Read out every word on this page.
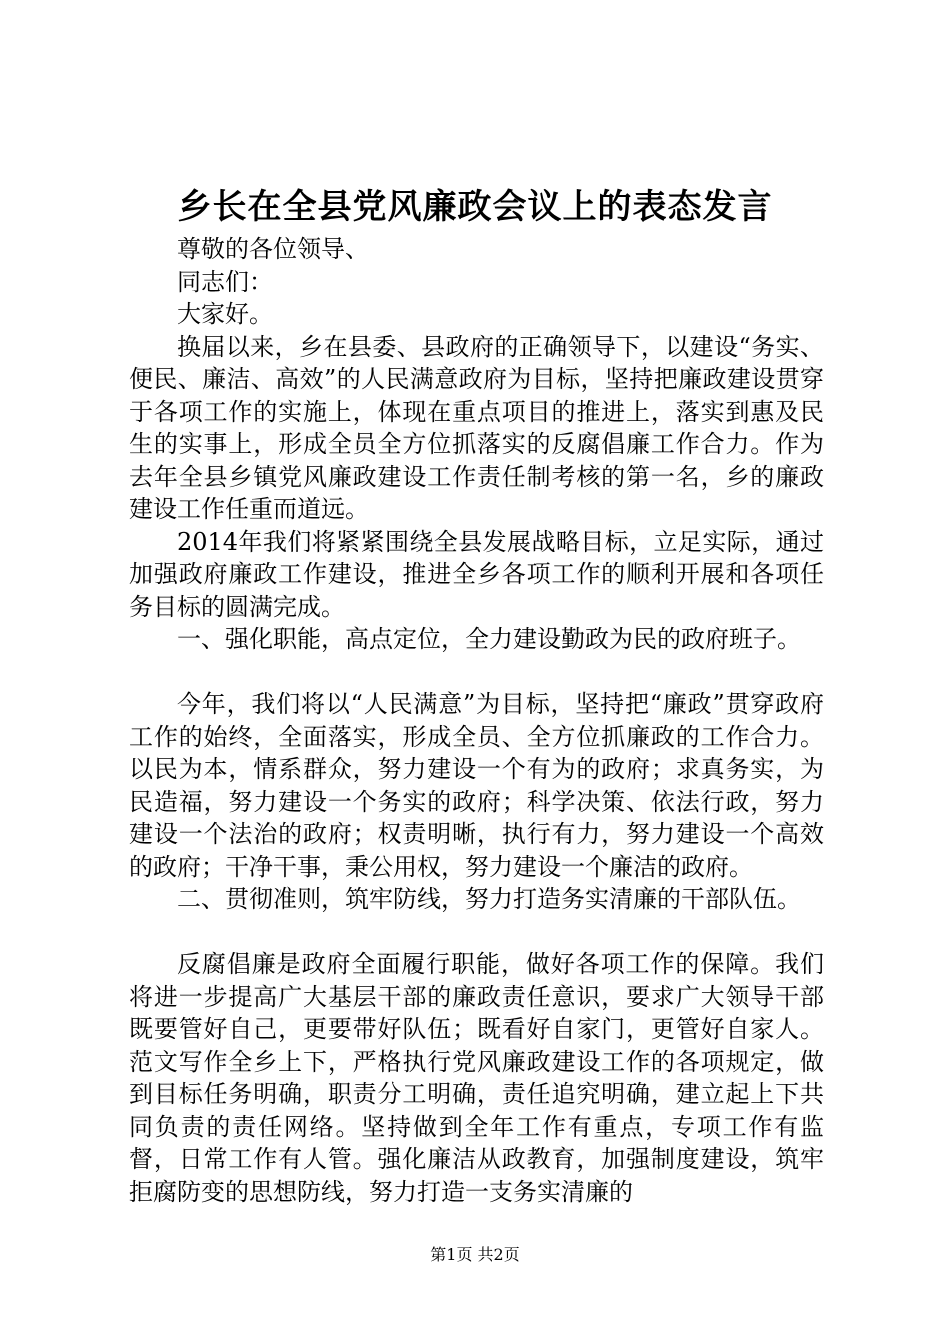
乡长在全县党风廉政会议上的表态发言

尊敬的各位领导、

同志们：

大家好。

换届以来，乡在县委、县政府的正确领导下，以建设“务实、便民、廉洁、高效”的人民满意政府为目标，坚持把廉政建设贯穿于各项工作的实施上，体现在重点项目的推进上，落实到惠及民生的实事上，形成全员全方位抓落实的反腐倡廉工作合力。作为去年全县乡镇党风廉政建设工作责任制考核的第一名，乡的廉政建设工作任重而道远。

2014年我们将紧紧围绕全县发展战略目标，立足实际，通过加强政府廉政工作建设，推进全乡各项工作的顺利开展和各项任务目标的圆满完成。

一、强化职能，高点定位，全力建设勤政为民的政府班子。

今年，我们将以“人民满意”为目标，坚持把“廉政”贯穿政府工作的始终，全面落实，形成全员、全方位抓廉政的工作合力。以民为本，情系群众，努力建设一个有为的政府；求真务实，为民造福，努力建设一个务实的政府；科学决策、依法行政，努力建设一个法治的政府；权责明晰，执行有力，努力建设一个高效的政府；干净干事，秉公用权，努力建设一个廉洁的政府。

二、贯彻准则，筑牢防线，努力打造务实清廉的干部队伍。

反腐倡廉是政府全面履行职能，做好各项工作的保障。我们将进一步提高广大基层干部的廉政责任意识，要求广大领导干部既要管好自己，更要带好队伍；既看好自家门，更管好自家人。范文写作全乡上下，严格执行党风廉政建设工作的各项规定，做到目标任务明确，职责分工明确，责任追究明确，建立起上下共同负责的责任网络。坚持做到全年工作有重点，专项工作有监督，日常工作有人管。强化廉洁从政教育，加强制度建设，筑牢拒腐防变的思想防线，努力打造一支务实清廉的

第1页 共2页
